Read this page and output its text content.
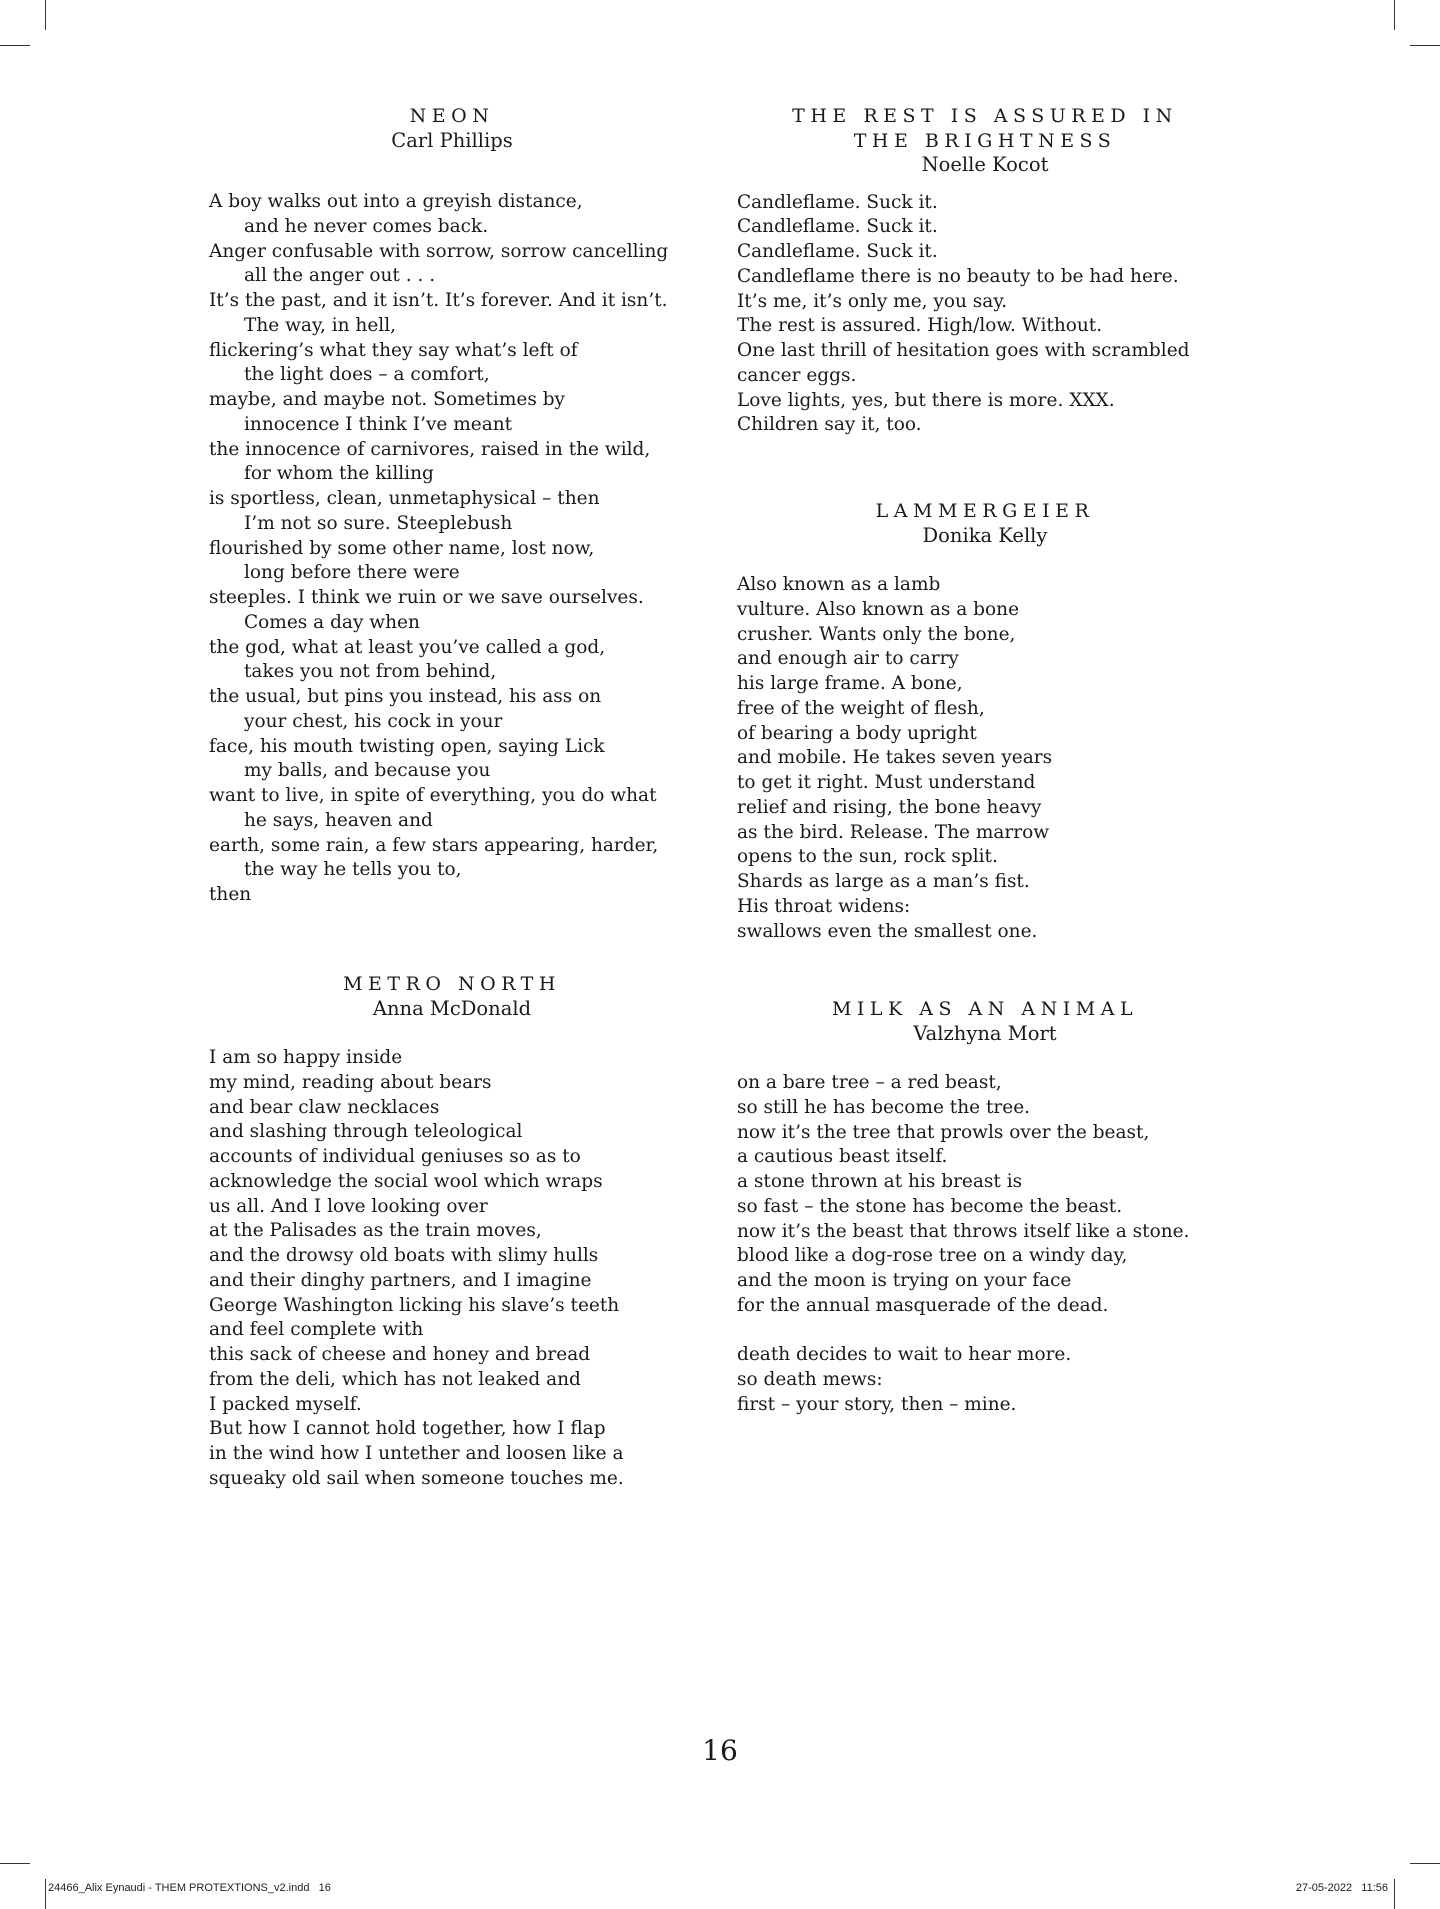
NEON

Carl Phillips

A boy walks out into a greyish distance,
and he never comes back.
Anger confusable with sorrow, sorrow cancelling
all the anger out . . .
It’s the past, and it isn’t. It’s forever. And it isn’t.
The way, in hell,
flickering’s what they say what’s left of
the light does – a comfort,
maybe, and maybe not. Sometimes by
innocence I think I’ve meant
the innocence of carnivores, raised in the wild,
for whom the killing
is sportless, clean, unmetaphysical – then
I’m not so sure. Steeplebush
flourished by some other name, lost now,
long before there were
steeples. I think we ruin or we save ourselves.
Comes a day when
the god, what at least you’ve called a god,
takes you not from behind,
the usual, but pins you instead, his ass on
your chest, his cock in your
face, his mouth twisting open, saying Lick
my balls, and because you
want to live, in spite of everything, you do what
he says, heaven and
earth, some rain, a few stars appearing, harder,
the way he tells you to,
then
METRO NORTH

Anna McDonald

I am so happy inside
my mind, reading about bears
and bear claw necklaces
and slashing through teleological
accounts of individual geniuses so as to
acknowledge the social wool which wraps
us all. And I love looking over
at the Palisades as the train moves,
and the drowsy old boats with slimy hulls
and their dinghy partners, and I imagine
George Washington licking his slave’s teeth
and feel complete with
this sack of cheese and honey and bread
from the deli, which has not leaked and
I packed myself.
But how I cannot hold together, how I flap
in the wind how I untether and loosen like a
squeaky old sail when someone touches me.
THE REST IS ASSURED IN
THE BRIGHTNESS

Noelle Kocot

Candleflame. Suck it.
Candleflame. Suck it.
Candleflame. Suck it.
Candleflame there is no beauty to be had here.
It’s me, it’s only me, you say.
The rest is assured. High/low. Without.
One last thrill of hesitation goes with scrambled
cancer eggs.
Love lights, yes, but there is more. XXX.
Children say it, too.
LAMMERGEIER

Donika Kelly

Also known as a lamb
vulture. Also known as a bone
crusher. Wants only the bone,
and enough air to carry
his large frame. A bone,
free of the weight of flesh,
of bearing a body upright
and mobile. He takes seven years
to get it right. Must understand
relief and rising, the bone heavy
as the bird. Release. The marrow
opens to the sun, rock split.
Shards as large as a man’s fist.
His throat widens:
swallows even the smallest one.
MILK AS AN ANIMAL

Valzhyna Mort

on a bare tree – a red beast,
so still he has become the tree.
now it’s the tree that prowls over the beast,
a cautious beast itself.
a stone thrown at his breast is
so fast – the stone has become the beast.
now it’s the beast that throws itself like a stone.
blood like a dog-rose tree on a windy day,
and the moon is trying on your face
for the annual masquerade of the dead.
death decides to wait to hear more.
so death mews:
first – your story, then – mine.
16
24466_Alix Eynaudi - THEM PROTEXTIONS_v2.indd   16	27-05-2022   11:56
